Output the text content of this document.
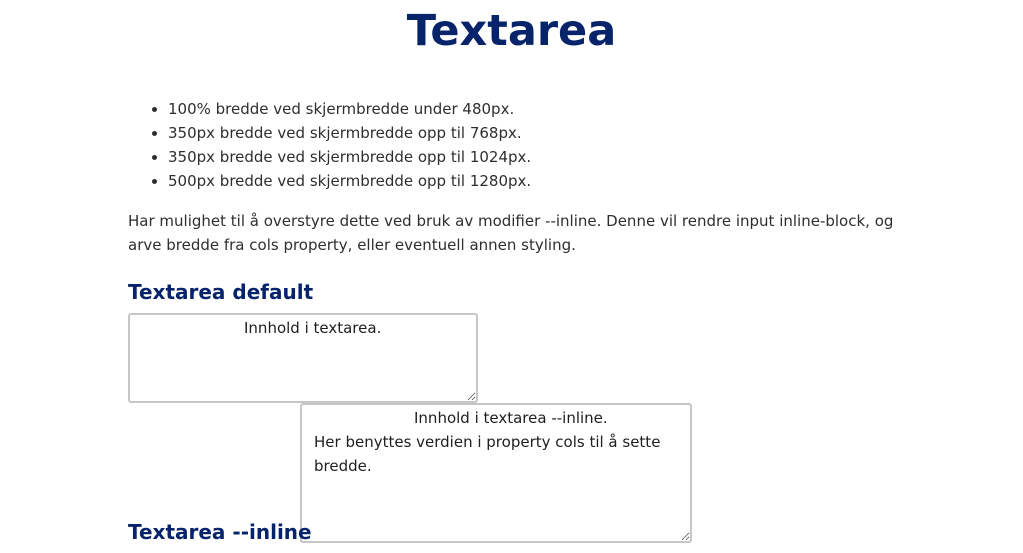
Textarea
• 100% bredde ved skjermbredde under 480px.
• 350px bredde ved skjermbredde opp til 768px.
• 350px bredde ved skjermbredde opp til 1024px.
• 500px bredde ved skjermbredde opp til 1280px.

Har mulighet til å overstyre dette ved bruk av modifier --inline. Denne vil rendre input inline-block, og arve bredde fra cols property, eller eventuell annen styling.

Textarea default
Innhold i textarea.
Innhold i textarea --inline. Her benyttes verdien i property cols til å sette bredde.
Textarea --inline
